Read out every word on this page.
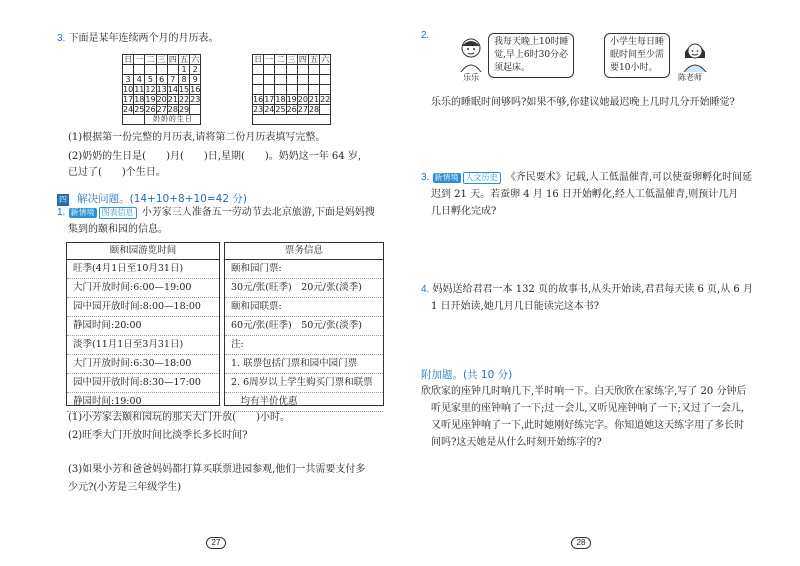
3. 下面是某年连续两个月的月历表。
日	一	二	三	四	五	六
					1	2
3	4	5	6	7	8	9
10	11	12	13	14	15	16
17	18	19	20	21	22	23
24	25	26	27	28	29	
		奶奶的生日				
日	一	二	三	四	五	六

16	17	18	19	20	21	22
23	24	25	26	27	28	

(1)根据第一份完整的月历表,请将第二份月历表填写完整。
(2)奶奶的生日是(　　)月(　　)日,星期(　　)。奶奶这一年 64 岁,
已过了(　　)个生日。
四 解决问题。(14+10+8+10=42 分)
1. 新情境 图表信息 小芳家三人准备五一劳动节去北京旅游,下面是妈妈搜
集到的颐和园的信息。
颐和园游览时间
旺季(4月1日至10月31日)
大门开放时间:6:00—19:00
园中园开放时间:8:00—18:00
静园时间:20:00
淡季(11月1日至3月31日)
大门开放时间:6:30—18:00
园中园开放时间:8:30—17:00
静园时间:19:00
票务信息
颐和园门票:
30元/张(旺季)　20元/张(淡季)
颐和园联票:
60元/张(旺季)　50元/张(淡季)
注:
1. 联票包括门票和园中园门票
2. 6周岁以上学生购买门票和联票
　均有半价优惠
(1)小芳家去颐和园玩的那天大门开放(　　)小时。
(2)旺季大门开放时间比淡季长多长时间?
(3)如果小芳和爸爸妈妈都打算买联票进园参观,他们一共需要支付多
少元?(小芳是三年级学生)
27
2.
乐乐
我每天晚上10时睡
觉,早上6时30分必
须起床。
小学生每日睡
眠时间至少需
要10小时。
陈老师
乐乐的睡眠时间够吗?如果不够,你建议她最迟晚上几时几分开始睡觉?
3. 新情境 人文历史 《齐民要术》记载,人工低温催青,可以使蚕卵孵化时间延
迟到 21 天。若蚕卵 4 月 16 日开始孵化,经人工低温催青,则预计几月
几日孵化完成?
4. 妈妈送给君君一本 132 页的故事书,从头开始读,君君每天读 6 页,从 6 月
1 日开始读,她几月几日能读完这本书?
附加题。(共 10 分)
欣欣家的座钟几时响几下,半时响一下。白天欣欣在家练字,写了 20 分钟后
听见家里的座钟响了一下;过一会儿,又听见座钟响了一下;又过了一会儿,
又听见座钟响了一下,此时她刚好练完字。你知道她这天练字用了多长时
间吗?这天她是从什么时刻开始练字的?
28
